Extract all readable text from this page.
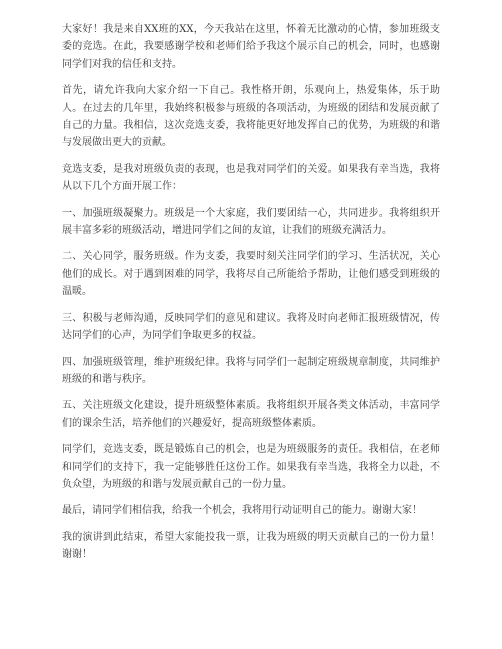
大家好！我是来自XX班的XX，今天我站在这里，怀着无比激动的心情，参加班级支委的竞选。在此，我要感谢学校和老师们给予我这个展示自己的机会，同时，也感谢同学们对我的信任和支持。

首先，请允许我向大家介绍一下自己。我性格开朗，乐观向上，热爱集体，乐于助人。在过去的几年里，我始终积极参与班级的各项活动，为班级的团结和发展贡献了自己的力量。我相信，这次竞选支委，我将能更好地发挥自己的优势，为班级的和谐与发展做出更大的贡献。

竞选支委，是我对班级负责的表现，也是我对同学们的关爱。如果我有幸当选，我将从以下几个方面开展工作：

一、加强班级凝聚力。班级是一个大家庭，我们要团结一心，共同进步。我将组织开展丰富多彩的班级活动，增进同学们之间的友谊，让我们的班级充满活力。

二、关心同学，服务班级。作为支委，我要时刻关注同学们的学习、生活状况，关心他们的成长。对于遇到困难的同学，我将尽自己所能给予帮助，让他们感受到班级的温暖。

三、积极与老师沟通，反映同学们的意见和建议。我将及时向老师汇报班级情况，传达同学们的心声，为同学们争取更多的权益。

四、加强班级管理，维护班级纪律。我将与同学们一起制定班级规章制度，共同维护班级的和谐与秩序。

五、关注班级文化建设，提升班级整体素质。我将组织开展各类文体活动，丰富同学们的课余生活，培养他们的兴趣爱好，提高班级整体素质。

同学们，竞选支委，既是锻炼自己的机会，也是为班级服务的责任。我相信，在老师和同学们的支持下，我一定能够胜任这份工作。如果我有幸当选，我将全力以赴，不负众望，为班级的和谐与发展贡献自己的一份力量。

最后，请同学们相信我，给我一个机会，我将用行动证明自己的能力。谢谢大家！

我的演讲到此结束，希望大家能投我一票，让我为班级的明天贡献自己的一份力量！谢谢！
